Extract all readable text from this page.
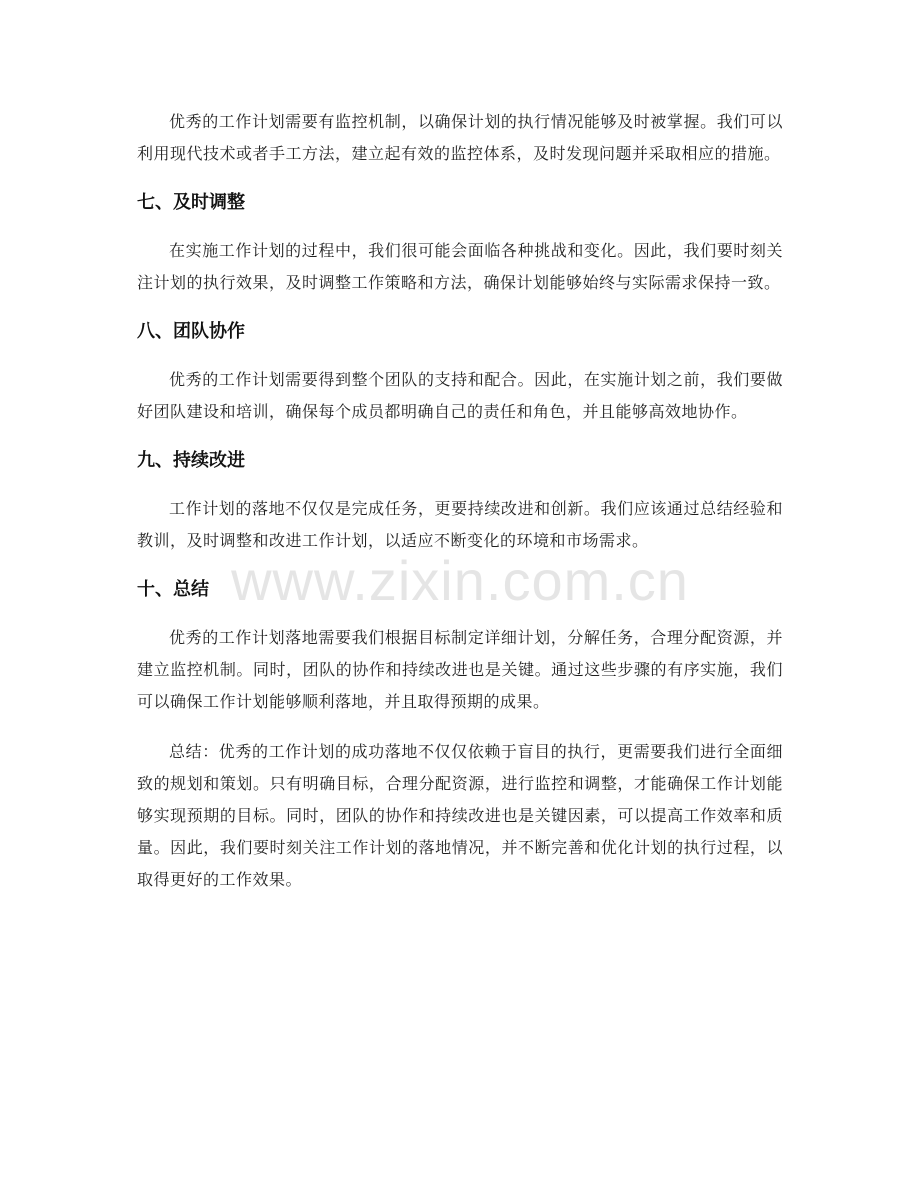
优秀的工作计划需要有监控机制，以确保计划的执行情况能够及时被掌握。我们可以利用现代技术或者手工方法，建立起有效的监控体系，及时发现问题并采取相应的措施。

七、及时调整

在实施工作计划的过程中，我们很可能会面临各种挑战和变化。因此，我们要时刻关注计划的执行效果，及时调整工作策略和方法，确保计划能够始终与实际需求保持一致。

八、团队协作

优秀的工作计划需要得到整个团队的支持和配合。因此，在实施计划之前，我们要做好团队建设和培训，确保每个成员都明确自己的责任和角色，并且能够高效地协作。

九、持续改进

工作计划的落地不仅仅是完成任务，更要持续改进和创新。我们应该通过总结经验和教训，及时调整和改进工作计划，以适应不断变化的环境和市场需求。

十、总结

优秀的工作计划落地需要我们根据目标制定详细计划，分解任务，合理分配资源，并建立监控机制。同时，团队的协作和持续改进也是关键。通过这些步骤的有序实施，我们可以确保工作计划能够顺利落地，并且取得预期的成果。

总结：优秀的工作计划的成功落地不仅仅依赖于盲目的执行，更需要我们进行全面细致的规划和策划。只有明确目标，合理分配资源，进行监控和调整，才能确保工作计划能够实现预期的目标。同时，团队的协作和持续改进也是关键因素，可以提高工作效率和质量。因此，我们要时刻关注工作计划的落地情况，并不断完善和优化计划的执行过程，以取得更好的工作效果。

www.zixin.com.cn
